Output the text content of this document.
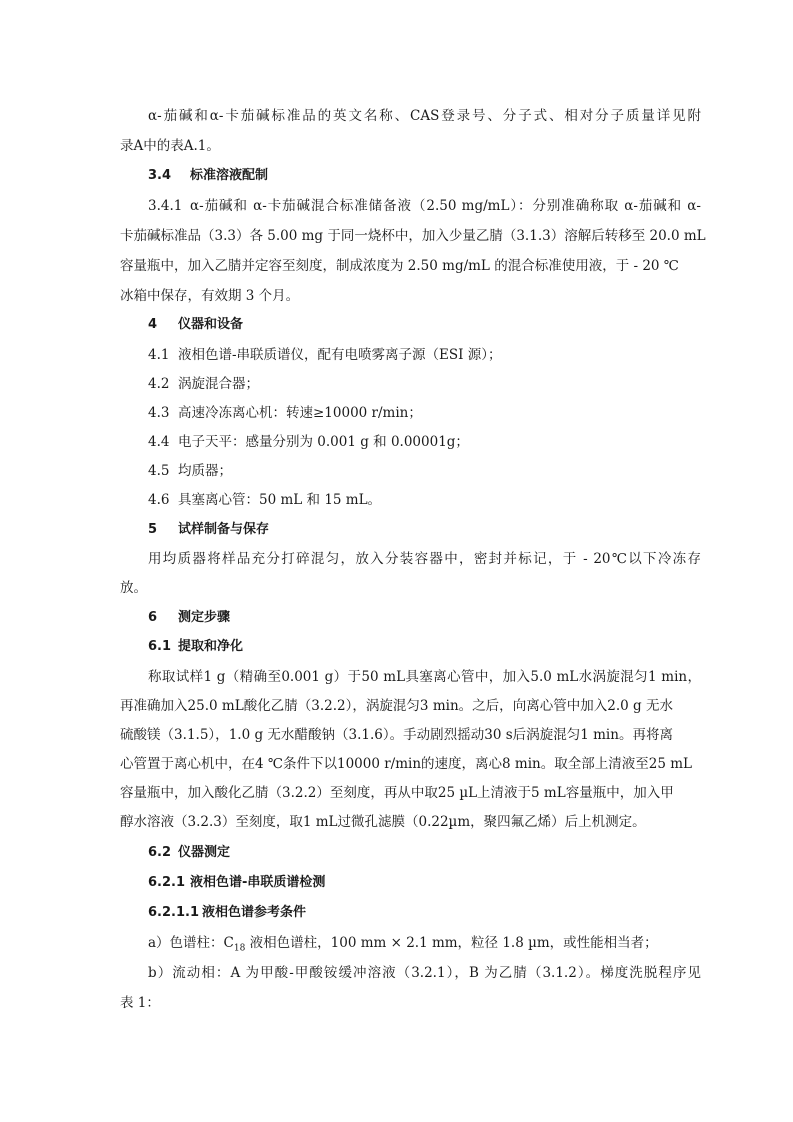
α-茄碱和α-卡茄碱标准品的英文名称、CAS登录号、分子式、相对分子质量详见附
录A中的表A.1。
3.4 标准溶液配制
3.4.1 α-茄碱和 α-卡茄碱混合标准储备液（2.50 mg/mL）：分别准确称取 α-茄碱和 α-
卡茄碱标准品（3.3）各 5.00 mg 于同一烧杯中，加入少量乙腈（3.1.3）溶解后转移至 20.0 mL
容量瓶中，加入乙腈并定容至刻度，制成浓度为 2.50 mg/mL 的混合标准使用液，于 - 20 ℃
冰箱中保存，有效期 3 个月。
4 仪器和设备
4.1 液相色谱-串联质谱仪，配有电喷雾离子源（ESI 源）；
4.2 涡旋混合器；
4.3 高速冷冻离心机：转速≥10000 r/min；
4.4 电子天平：感量分别为 0.001 g 和 0.00001g；
4.5 均质器；
4.6 具塞离心管：50 mL 和 15 mL。
5 试样制备与保存
用均质器将样品充分打碎混匀，放入分装容器中，密封并标记，于 - 20℃以下冷冻存
放。
6 测定步骤
6.1 提取和净化
称取试样1 g（精确至0.001 g）于50 mL具塞离心管中，加入5.0 mL水涡旋混匀1 min，
再准确加入25.0 mL酸化乙腈（3.2.2），涡旋混匀3 min。之后，向离心管中加入2.0 g 无水
硫酸镁（3.1.5），1.0 g 无水醋酸钠（3.1.6）。手动剧烈摇动30 s后涡旋混匀1 min。再将离
心管置于离心机中，在4 ℃条件下以10000 r/min的速度，离心8 min。取全部上清液至25 mL
容量瓶中，加入酸化乙腈（3.2.2）至刻度，再从中取25 µL上清液于5 mL容量瓶中，加入甲
醇水溶液（3.2.3）至刻度，取1 mL过微孔滤膜（0.22µm，聚四氟乙烯）后上机测定。
6.2 仪器测定
6.2.1 液相色谱-串联质谱检测
6.2.1.1 液相色谱参考条件
a）色谱柱：$C_{18}$ 液相色谱柱，100 mm × 2.1 mm，粒径 1.8 µm，或性能相当者；
b）流动相：A 为甲酸-甲酸铵缓冲溶液（3.2.1），B 为乙腈（3.1.2）。梯度洗脱程序见
表 1：
